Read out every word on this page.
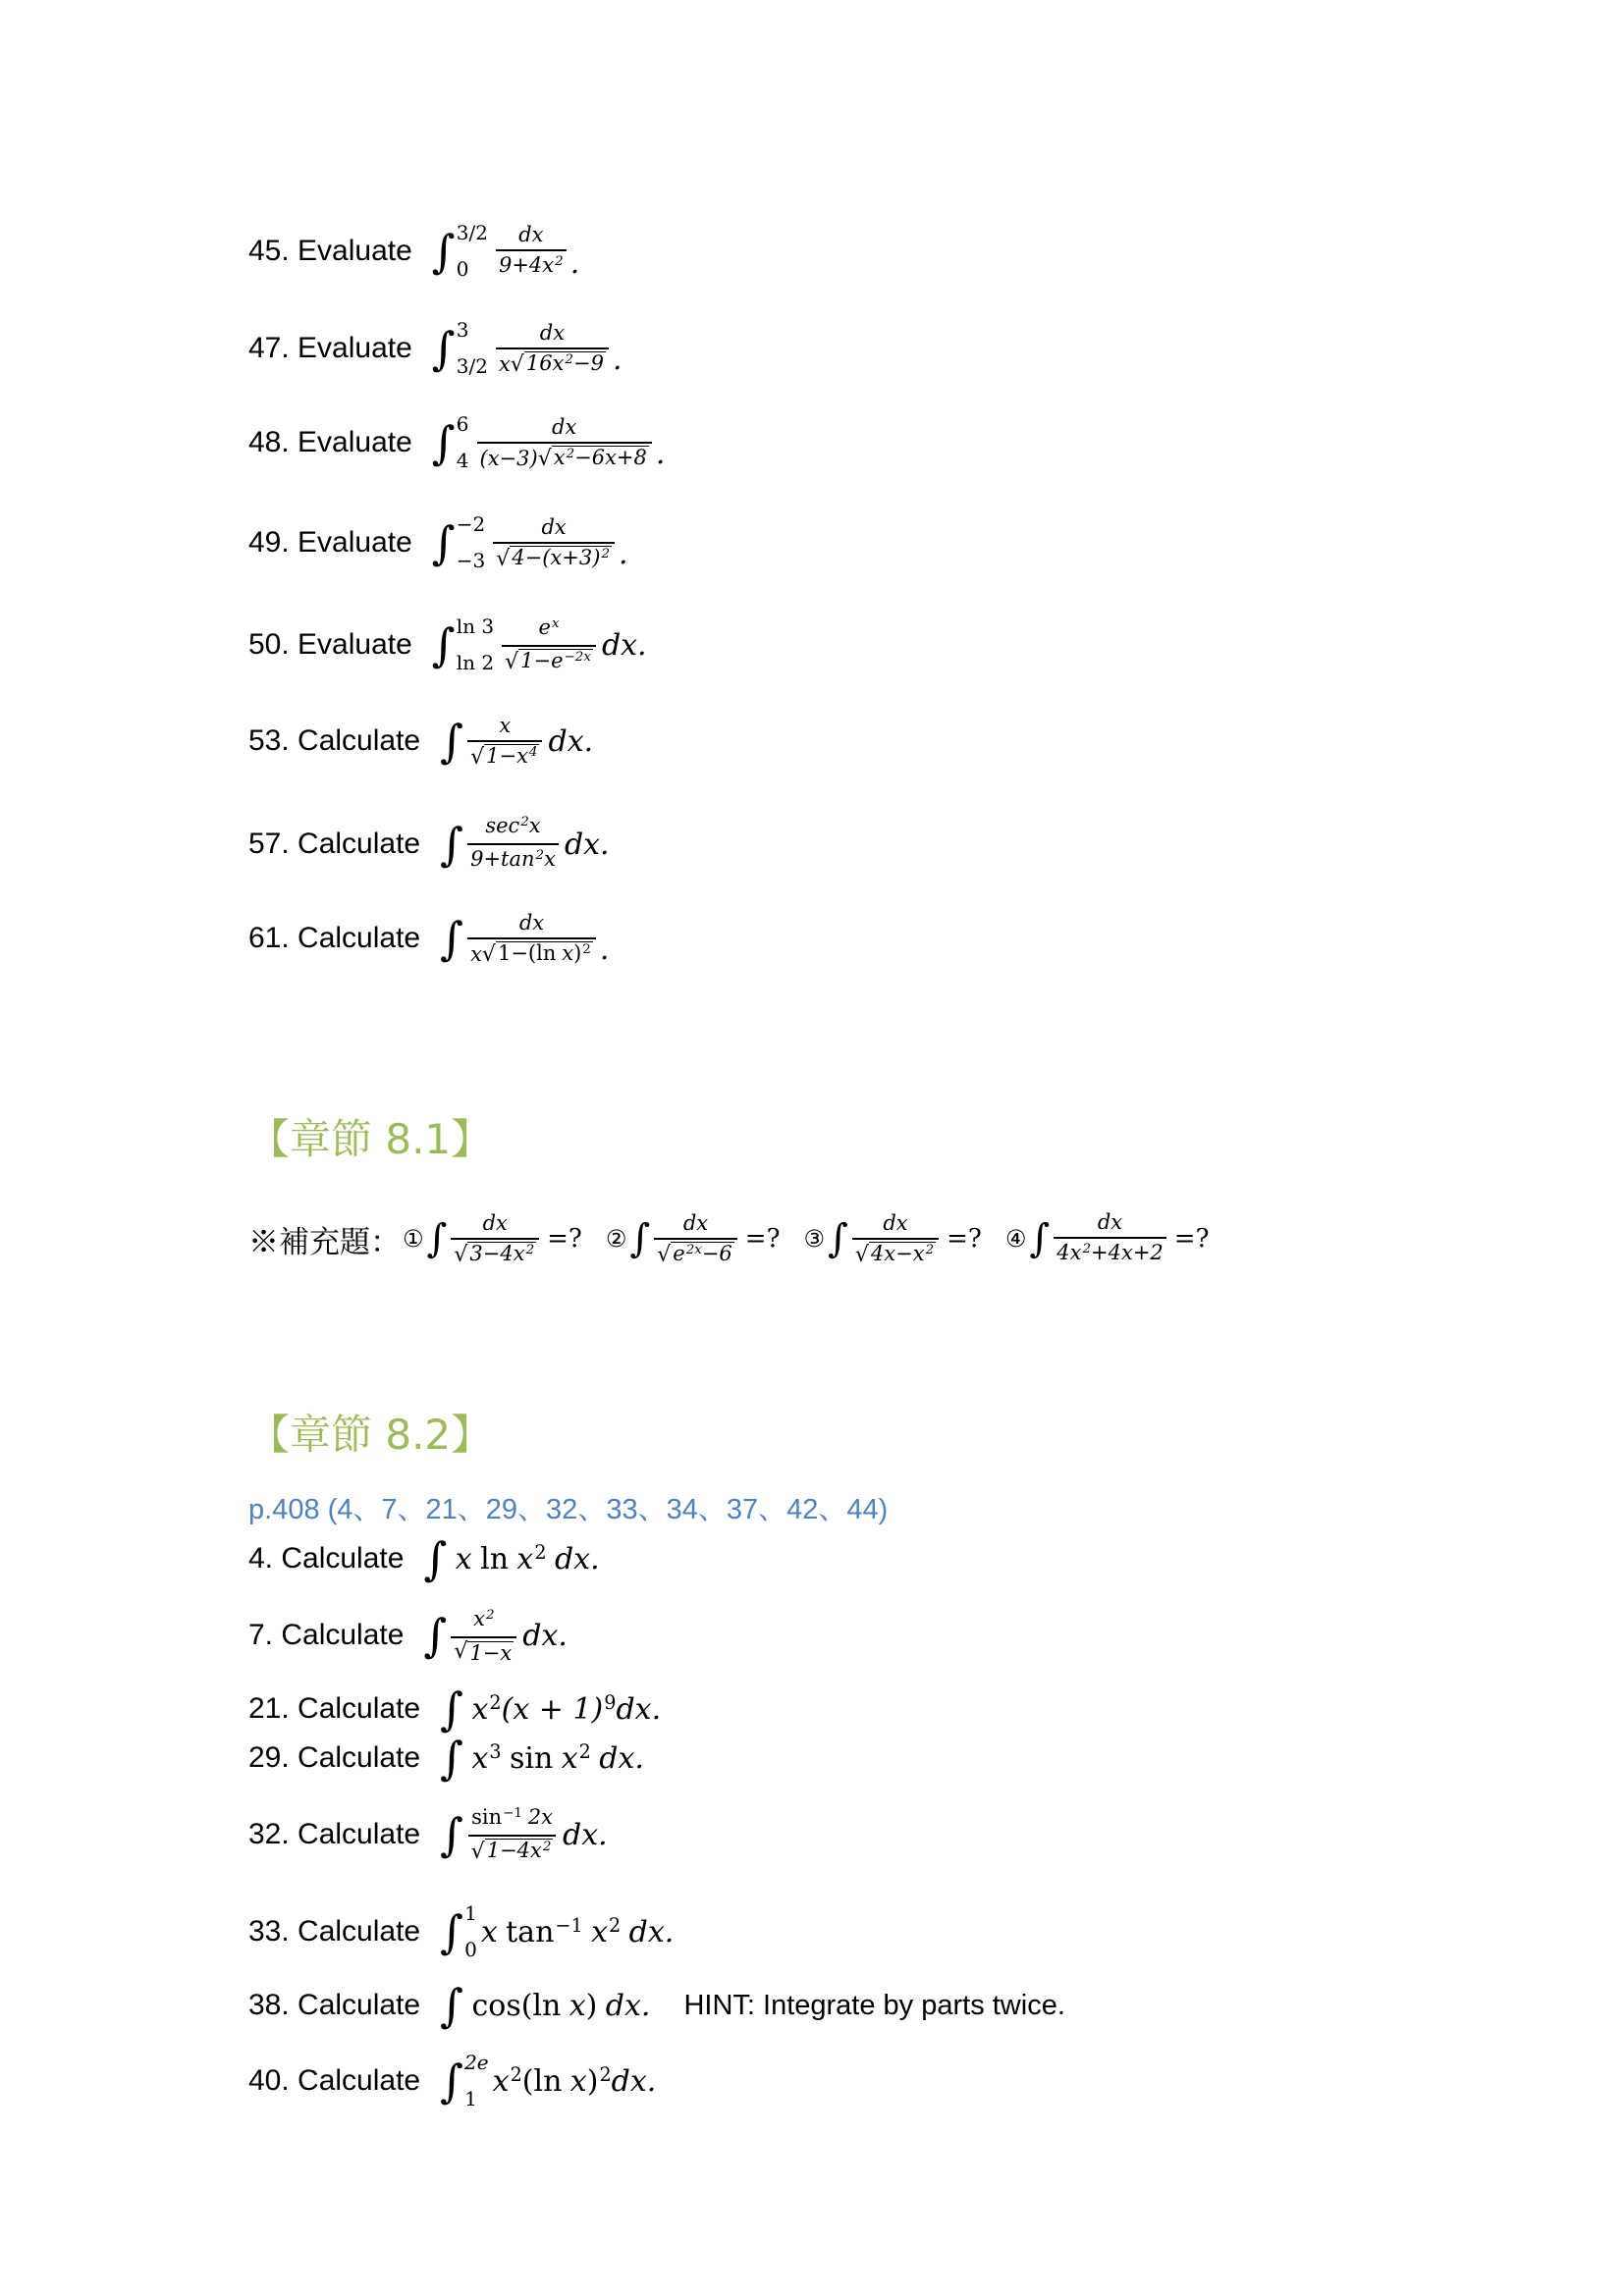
45. Evaluate ∫ 3/2
0	$\frac{dx}{9+4x 2}$ .
47. Evaluate ∫ 3
3/2
dx
x √ 16x 2 −9 .
48. Evaluate ∫ 6
4
dx
(x−3) √ x 2 −6x+8 .
49. Evaluate ∫ −2
$-3 \frac{dx}{√ 4-(x+3) 2}$ .
50. Evaluate ∫ ln 3
$\ln 2 \frac{\text{e x}}{√ 1-e -2x}$ dx.
53. Calculate ∫ $\frac{x}{√ 1-x 4}$ dx.
57. Calculate ∫ $\frac{\sec 2 x}{9+\tan 2 x}$ dx.
61. Calculate ∫	dx
x √ 1−( ln x ) 2 .
【章節 8.1】
※補充題： ① ∫ $\frac{dx}{√ 3-4x 2}$ =? ② ∫ dx
√ e 2x −6 =? ③ ∫ $\frac{dx}{√ 4x-x 2}$ =? ④ ∫ $\frac{dx}{4x 2 +4x+2}$ =?
【章節 8.2】
p.408 (4、7、21、29、32、33、34、37、42、44)
4. Calculate ∫ x ln x 2 dx.
7. Calculate ∫ $\frac{x 2}{√ 1-x}$ dx.
21. Calculate ∫ x 2 (x + 1) 9 dx.
29. Calculate ∫ x 3 sin x 2 dx.
32. Calculate ∫ $\frac{\sin -1 2x}{√ 1-4x 2}$ dx.
33. Calculate ∫ 1
0
x tan −1 x 2 dx.
38. Calculate ∫ cos(ln x ) dx. HINT: Integrate by parts twice.
40. Calculate ∫ 2e
1
x 2 (ln x ) 2 dx.
